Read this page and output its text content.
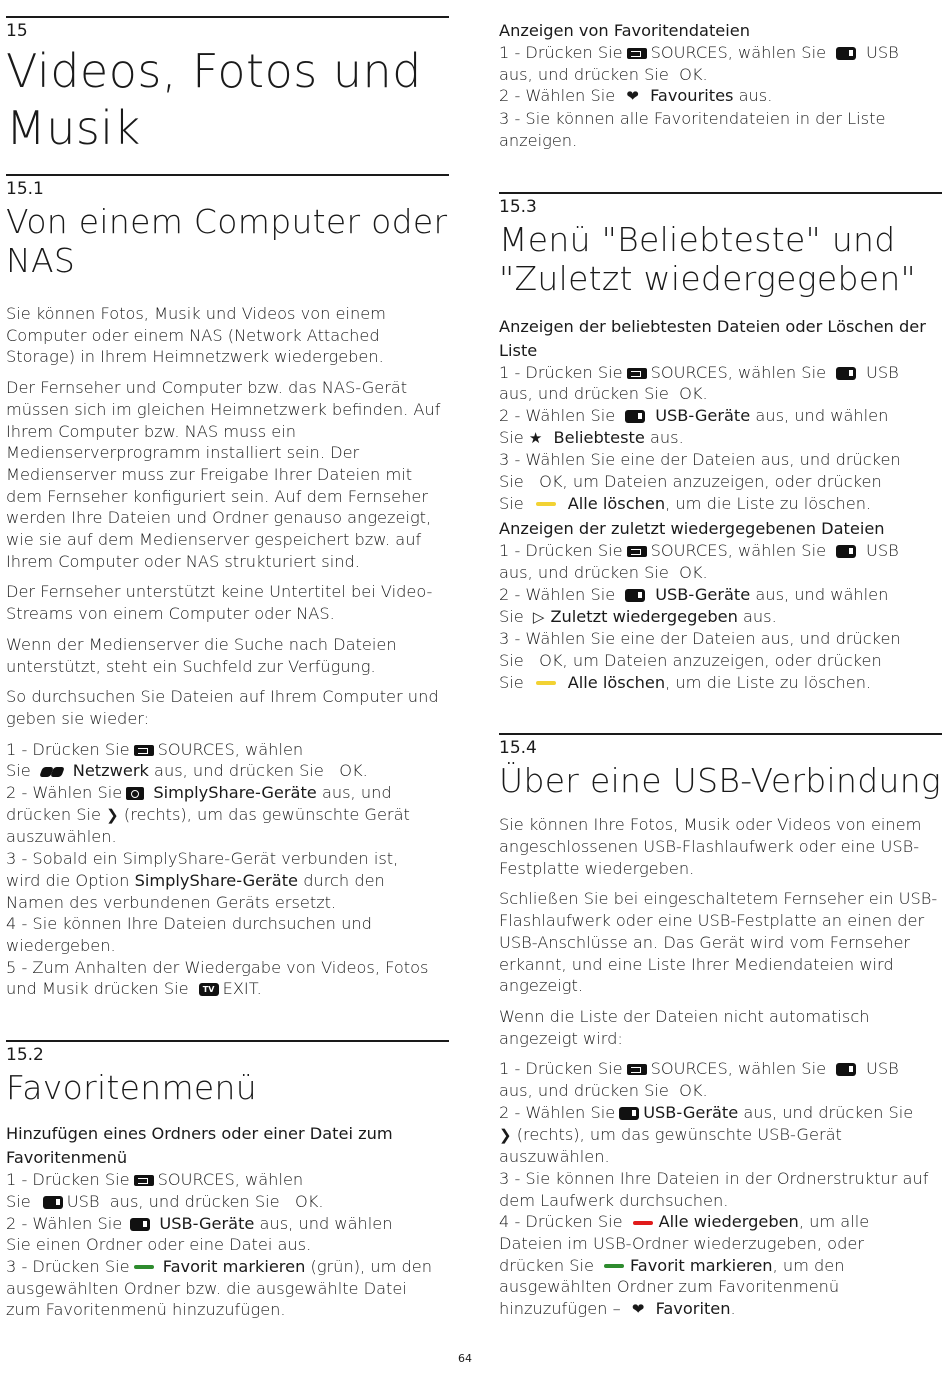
15
Videos, Fotos und
Musik
15.1
Von einem Computer oder
NAS
Sie können Fotos, Musik und Videos von einem
Computer oder einem NAS (Network Attached
Storage) in Ihrem Heimnetzwerk wiedergeben.
Der Fernseher und Computer bzw. das NAS-Gerät
müssen sich im gleichen Heimnetzwerk befinden. Auf
Ihrem Computer bzw. NAS muss ein
Medienserverprogramm installiert sein. Der
Medienserver muss zur Freigabe Ihrer Dateien mit
dem Fernseher konfiguriert sein. Auf dem Fernseher
werden Ihre Dateien und Ordner genauso angezeigt,
wie sie auf dem Medienserver gespeichert bzw. auf
Ihrem Computer oder NAS strukturiert sind.
Der Fernseher unterstützt keine Untertitel bei Video-
Streams von einem Computer oder NAS.
Wenn der Medienserver die Suche nach Dateien
unterstützt, steht ein Suchfeld zur Verfügung.
So durchsuchen Sie Dateien auf Ihrem Computer und
geben sie wieder:
1 - Drücken Sie SOURCES, wählen
Sie	Netzwerk aus, und drücken Sie OK.
2 - Wählen Sie SimplyShare-Geräte aus, und
drücken Sie ❯ (rechts), um das gewünschte Gerät
auszuwählen.
3 - Sobald ein SimplyShare-Gerät verbunden ist,
wird die Option SimplyShare-Geräte durch den
Namen des verbundenen Geräts ersetzt.
4 - Sie können Ihre Dateien durchsuchen und
wiedergeben.
5 - Zum Anhalten der Wiedergabe von Videos, Fotos
und Musik drücken Sie TV EXIT.
15.2
Favoritenmenü
Hinzufügen eines Ordners oder einer Datei zum
Favoritenmenü
1 - Drücken Sie SOURCES, wählen
Sie USB aus, und drücken Sie OK.
2 - Wählen Sie USB-Geräte aus, und wählen
Sie einen Ordner oder eine Datei aus.
3 - Drücken Sie Favorit markieren (grün), um den
ausgewählten Ordner bzw. die ausgewählte Datei
zum Favoritenmenü hinzuzufügen.
Anzeigen von Favoritendateien
1 - Drücken Sie SOURCES, wählen Sie USB
aus, und drücken Sie OK.
2 - Wählen Sie ❤ Favourites aus.
3 - Sie können alle Favoritendateien in der Liste
anzeigen.
15.3
Menü "Beliebteste" und
"Zuletzt wiedergegeben"
Anzeigen der beliebtesten Dateien oder Löschen der
Liste
1 - Drücken Sie SOURCES, wählen Sie USB
aus, und drücken Sie OK.
2 - Wählen Sie USB-Geräte aus, und wählen
Sie ★ Beliebteste aus.
3 - Wählen Sie eine der Dateien aus, und drücken
Sie OK, um Dateien anzuzeigen, oder drücken
Sie	Alle löschen, um die Liste zu löschen.
Anzeigen der zuletzt wiedergegebenen Dateien
1 - Drücken Sie SOURCES, wählen Sie USB
aus, und drücken Sie OK.
2 - Wählen Sie USB-Geräte aus, und wählen
Sie ▷ Zuletzt wiedergegeben aus.
3 - Wählen Sie eine der Dateien aus, und drücken
Sie OK, um Dateien anzuzeigen, oder drücken
Sie	Alle löschen, um die Liste zu löschen.
15.4
Über eine USB-Verbindung
Sie können Ihre Fotos, Musik oder Videos von einem
angeschlossenen USB-Flashlaufwerk oder eine USB-
Festplatte wiedergeben.
Schließen Sie bei eingeschaltetem Fernseher ein USB-
Flashlaufwerk oder eine USB-Festplatte an einen der
USB-Anschlüsse an. Das Gerät wird vom Fernseher
erkannt, und eine Liste Ihrer Mediendateien wird
angezeigt.
Wenn die Liste der Dateien nicht automatisch
angezeigt wird:
1 - Drücken Sie SOURCES, wählen Sie USB
aus, und drücken Sie OK.
2 - Wählen Sie USB-Geräte aus, und drücken Sie
❯ (rechts), um das gewünschte USB-Gerät
auszuwählen.
3 - Sie können Ihre Dateien in der Ordnerstruktur auf
dem Laufwerk durchsuchen.
4 - Drücken Sie Alle wiedergeben, um alle
Dateien im USB-Ordner wiederzugeben, oder
drücken Sie Favorit markieren, um den
ausgewählten Ordner zum Favoritenmenü
hinzuzufügen – ❤ Favoriten.
64
